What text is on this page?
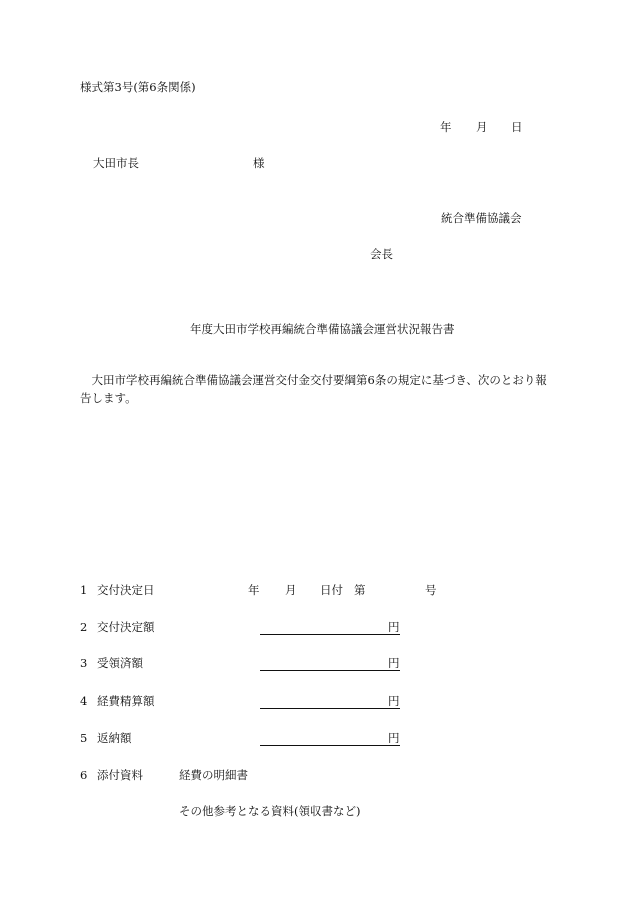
様式第3号(第6条関係)
年 月 日
大田市長	様
統合準備協議会
会長
年度大田市学校再編統合準備協議会運営状況報告書
大田市学校再編統合準備協議会運営交付金交付要綱第6条の規定に基づき、次のとおり報告します。
1 交付決定日	年 月 日付 第	号
2 交付決定額	円
3 受領済額	円
4 経費精算額	円
5 返納額	円
6 添付資料	経費の明細書
その他参考となる資料(領収書など)
